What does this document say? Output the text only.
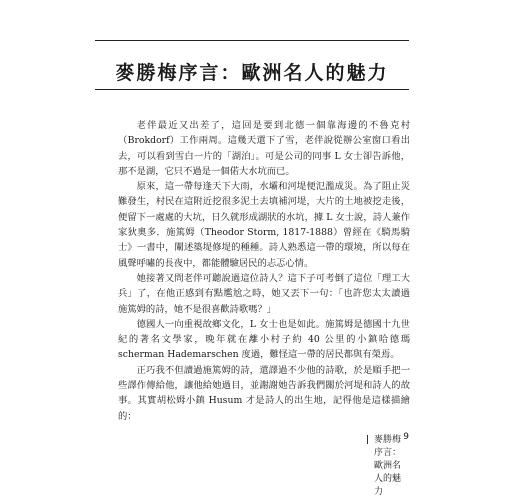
麥勝梅序言：歐洲名人的魅力

老伴最近又出差了，這回是要到北德一個靠海邊的不魯克村（Brokdorf）工作兩周。這幾天還下了雪，老伴說從辦公室窗口看出去，可以看到雪白一片的「湖泊」。可是公司的同事 L 女士卻告訴他，那不是湖，它只不過是一個偌大水坑而已。

原來，這一帶每逢天下大雨，水壩和河堤便氾濫成災。為了阻止災難發生，村民在這附近挖很多泥土去填補河堤，大片的土地被挖走後，便留下一處處的大坑，日久就形成湖狀的水坑，據 L 女士說，詩人兼作家狄奧多．施篤姆（Theodor Storm, 1817-1888）曾經在《騎馬騎士》一書中，闡述築堤修堤的種種。詩人熟悉這一帶的環境，所以每在風聲呼嘯的長夜中，都能體驗居民的忐忑心情。

她接著又問老伴可聽說過這位詩人？這下子可考倒了這位「理工大兵」了，在他正感到有點尷尬之時，她又丟下一句：「也許您太太讀過施篤姆的詩，她不是很喜歡詩歌嗎？」

德國人一向重視故鄉文化，L 女士也是如此。施篤姆是德國十九世紀的著名文學家，晚年就在離小村子約 40 公里的小鎮哈德瑪scherman Hademarschen 度過，難怪這一帶的居民都與有榮焉。

正巧我不但讀過施篤姆的詩，還譯過不少他的詩歌，於是順手把一些譯作傳給他，讓他給她過目，並謝謝她告訴我們關於河堤和詩人的故事。其實胡松姆小鎮 Husum 才是詩人的出生地，記得他是這樣描繪的：

麥勝梅序言：歐洲名人的魅力
9
